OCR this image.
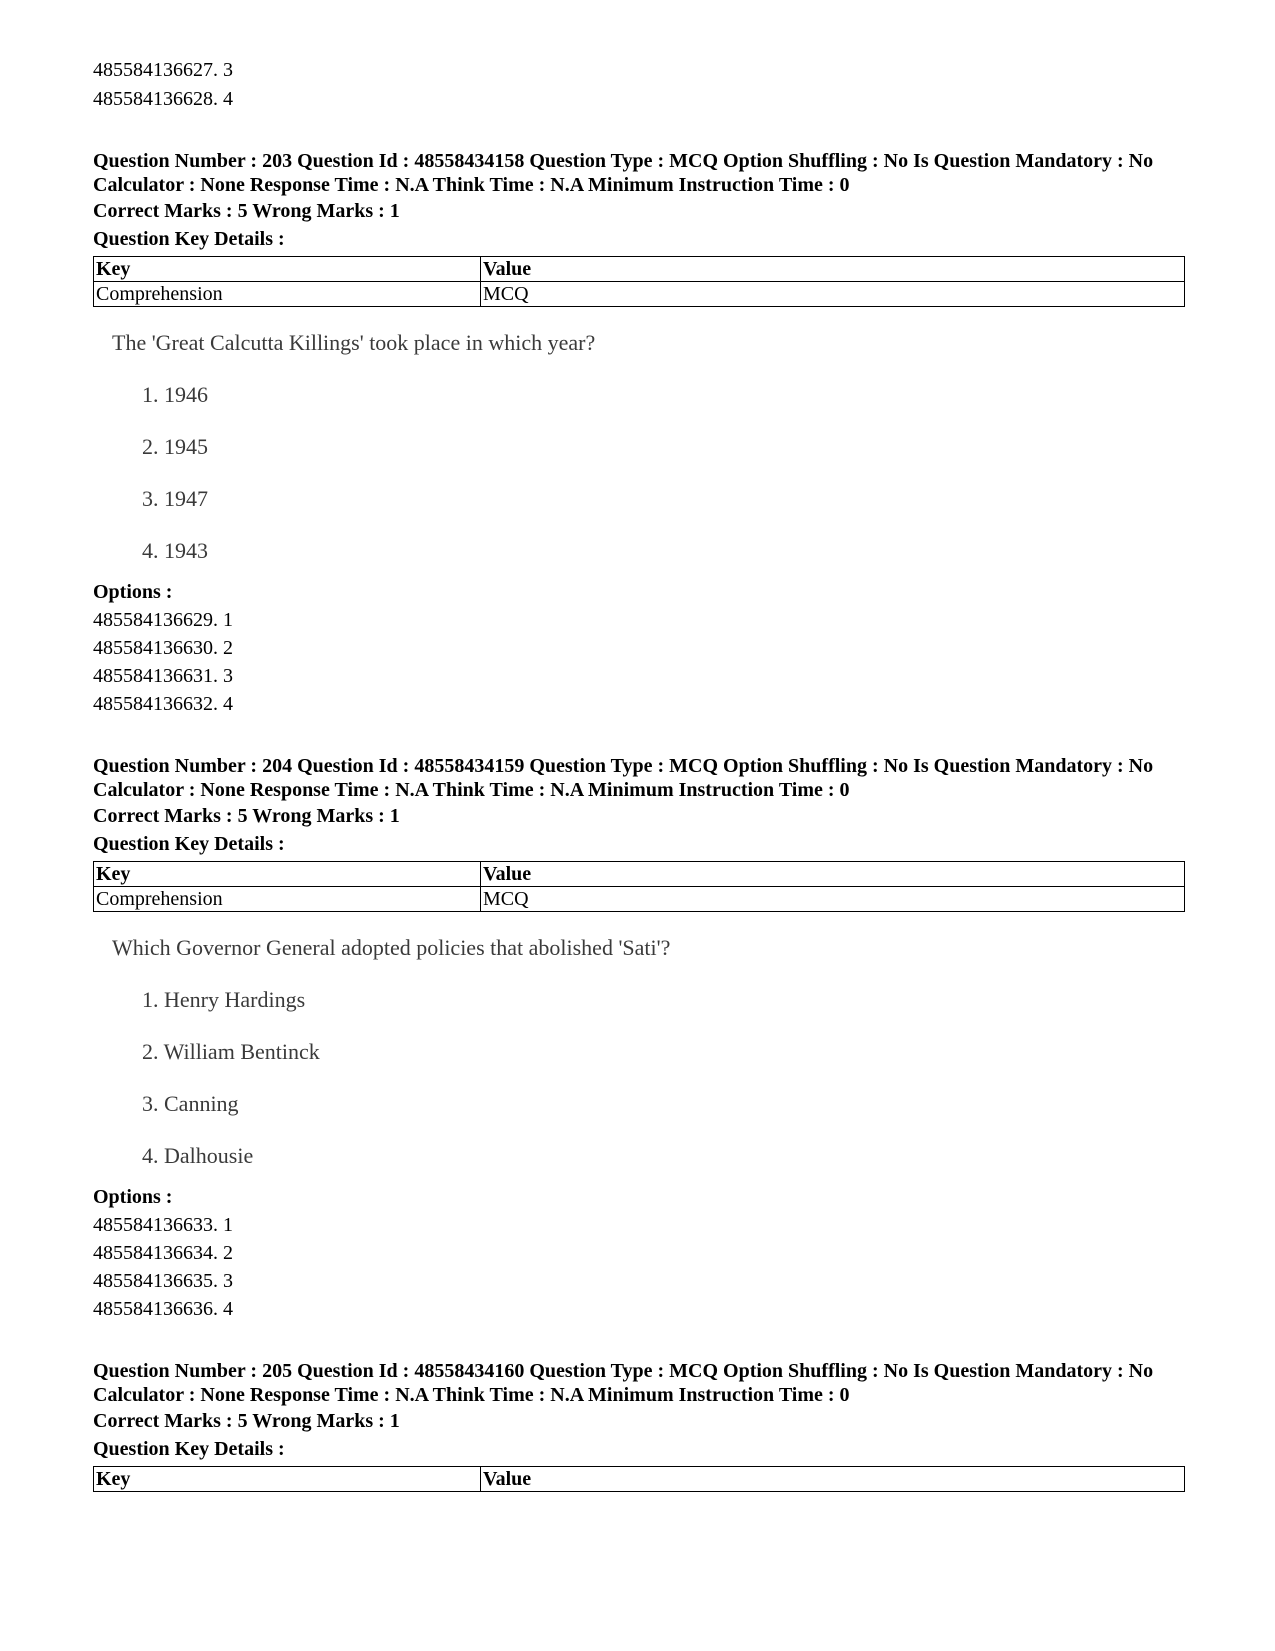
485584136627. 3
485584136628. 4
Question Number : 203 Question Id : 48558434158 Question Type : MCQ Option Shuffling : No Is Question Mandatory : No Calculator : None Response Time : N.A Think Time : N.A Minimum Instruction Time : 0
Correct Marks : 5 Wrong Marks : 1
Question Key Details :
Key	Value
Comprehension	MCQ
The 'Great Calcutta Killings' took place in which year?
1. 1946
2. 1945
3. 1947
4. 1943
Options :
485584136629. 1
485584136630. 2
485584136631. 3
485584136632. 4
Question Number : 204 Question Id : 48558434159 Question Type : MCQ Option Shuffling : No Is Question Mandatory : No Calculator : None Response Time : N.A Think Time : N.A Minimum Instruction Time : 0
Correct Marks : 5 Wrong Marks : 1
Question Key Details :
Key	Value
Comprehension	MCQ
Which Governor General adopted policies that abolished 'Sati'?
1. Henry Hardings
2. William Bentinck
3. Canning
4. Dalhousie
Options :
485584136633. 1
485584136634. 2
485584136635. 3
485584136636. 4
Question Number : 205 Question Id : 48558434160 Question Type : MCQ Option Shuffling : No Is Question Mandatory : No Calculator : None Response Time : N.A Think Time : N.A Minimum Instruction Time : 0
Correct Marks : 5 Wrong Marks : 1
Question Key Details :
Key	Value
